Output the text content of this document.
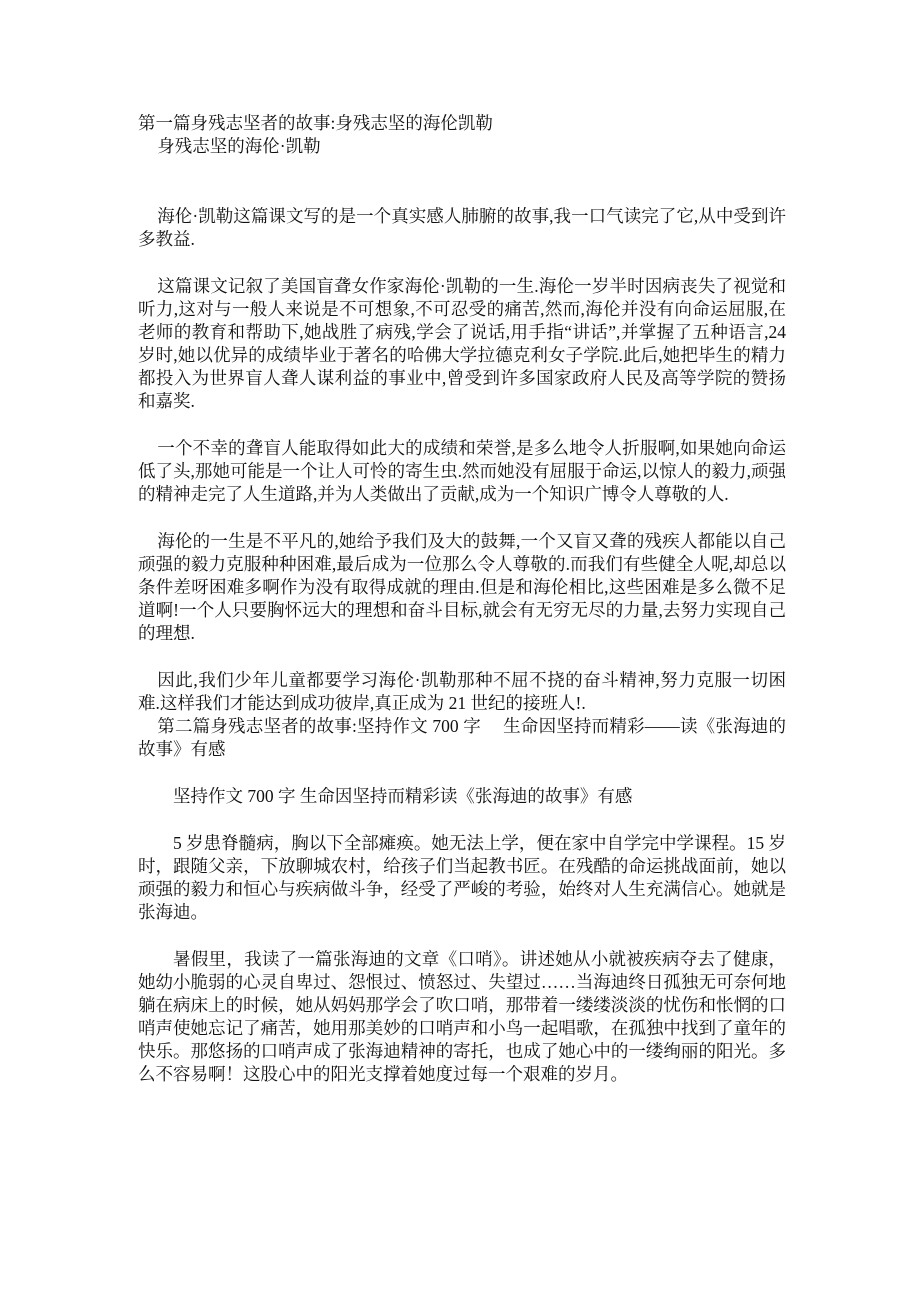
第一篇身残志坚者的故事:身残志坚的海伦凯勒

身残志坚的海伦·凯勒

海伦·凯勒这篇课文写的是一个真实感人肺腑的故事,我一口气读完了它,从中受到许多教益.

这篇课文记叙了美国盲聋女作家海伦·凯勒的一生.海伦一岁半时因病丧失了视觉和听力,这对与一般人来说是不可想象,不可忍受的痛苦,然而,海伦并没有向命运屈服,在老师的教育和帮助下,她战胜了病残,学会了说话,用手指“讲话”,并掌握了五种语言,24 岁时,她以优异的成绩毕业于著名的哈佛大学拉德克利女子学院.此后,她把毕生的精力都投入为世界盲人聋人谋利益的事业中,曾受到许多国家政府人民及高等学院的赞扬和嘉奖.

一个不幸的聋盲人能取得如此大的成绩和荣誉,是多么地令人折服啊,如果她向命运低了头,那她可能是一个让人可怜的寄生虫.然而她没有屈服于命运,以惊人的毅力,顽强的精神走完了人生道路,并为人类做出了贡献,成为一个知识广博令人尊敬的人.

海伦的一生是不平凡的,她给予我们及大的鼓舞,一个又盲又聋的残疾人都能以自己顽强的毅力克服种种困难,最后成为一位那么令人尊敬的.而我们有些健全人呢,却总以条件差呀困难多啊作为没有取得成就的理由.但是和海伦相比,这些困难是多么微不足道啊!一个人只要胸怀远大的理想和奋斗目标,就会有无穷无尽的力量,去努力实现自己的理想.

因此,我们少年儿童都要学习海伦·凯勒那种不屈不挠的奋斗精神,努力克服一切困难.这样我们才能达到成功彼岸,真正成为 21 世纪的接班人!.

第二篇身残志坚者的故事:坚持作文 700 字　 生命因坚持而精彩——读《张海迪的故事》有感

坚持作文 700 字 生命因坚持而精彩读《张海迪的故事》有感

5 岁患脊髓病，胸以下全部瘫痪。她无法上学，便在家中自学完中学课程。15 岁时，跟随父亲，下放聊城农村，给孩子们当起教书匠。在残酷的命运挑战面前，她以顽强的毅力和恒心与疾病做斗争，经受了严峻的考验，始终对人生充满信心。她就是张海迪。

暑假里，我读了一篇张海迪的文章《口哨》。讲述她从小就被疾病夺去了健康，她幼小脆弱的心灵自卑过、怨恨过、愤怒过、失望过……当海迪终日孤独无可奈何地躺在病床上的时候，她从妈妈那学会了吹口哨，那带着一缕缕淡淡的忧伤和怅惘的口哨声使她忘记了痛苦，她用那美妙的口哨声和小鸟一起唱歌，在孤独中找到了童年的快乐。那悠扬的口哨声成了张海迪精神的寄托，也成了她心中的一缕绚丽的阳光。多么不容易啊！这股心中的阳光支撑着她度过每一个艰难的岁月。
